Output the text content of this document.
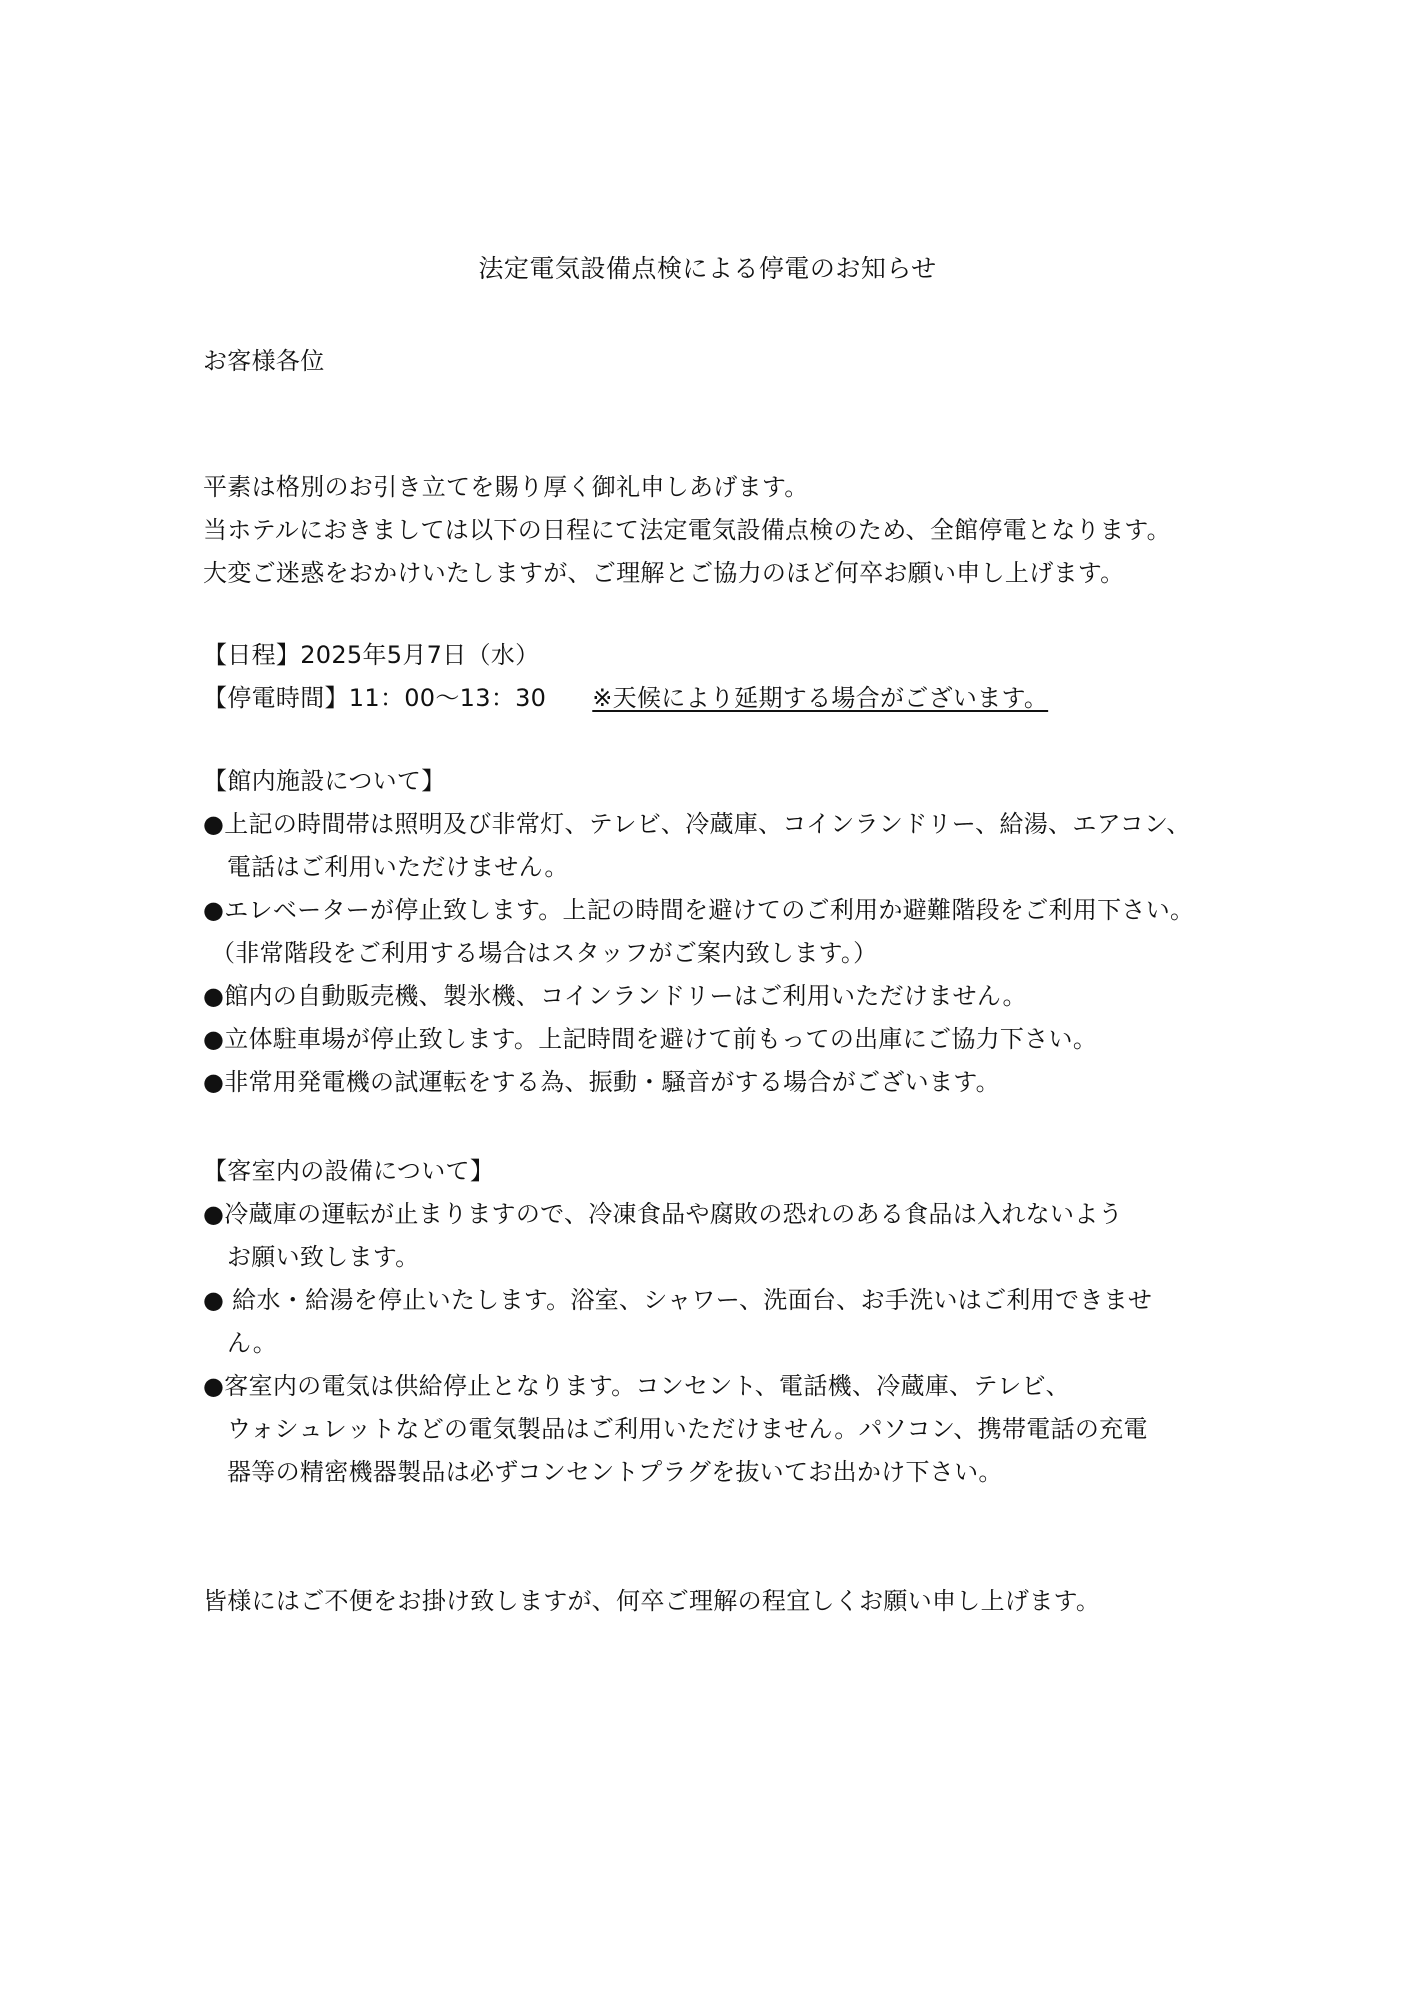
法定電気設備点検による停電のお知らせ
お客様各位
平素は格別のお引き立てを賜り厚く御礼申しあげます。
当ホテルにおきましては以下の日程にて法定電気設備点検のため、全館停電となります。
大変ご迷惑をおかけいたしますが、ご理解とご協力のほど何卒お願い申し上げます。
【日程】2025年5月7日（水）
【停電時間】11：00～13：30 ※天候により延期する場合がございます。
【館内施設について】
●上記の時間帯は照明及び非常灯、テレビ、冷蔵庫、コインランドリー、給湯、エアコン、
電話はご利用いただけません。
●エレベーターが停止致します。上記の時間を避けてのご利用か避難階段をご利用下さい。
（非常階段をご利用する場合はスタッフがご案内致します。）
●館内の自動販売機、製氷機、コインランドリーはご利用いただけません。
●立体駐車場が停止致します。上記時間を避けて前もっての出庫にご協力下さい。
●非常用発電機の試運転をする為、振動・騒音がする場合がございます。
【客室内の設備について】
●冷蔵庫の運転が止まりますので、冷凍食品や腐敗の恐れのある食品は入れないよう
お願い致します。
● 給水・給湯を停止いたします。浴室、シャワー、洗面台、お手洗いはご利用できませ
ん。
●客室内の電気は供給停止となります。コンセント、電話機、冷蔵庫、テレビ、
ウォシュレットなどの電気製品はご利用いただけません。パソコン、携帯電話の充電
器等の精密機器製品は必ずコンセントプラグを抜いてお出かけ下さい。
皆様にはご不便をお掛け致しますが、何卒ご理解の程宜しくお願い申し上げます。
